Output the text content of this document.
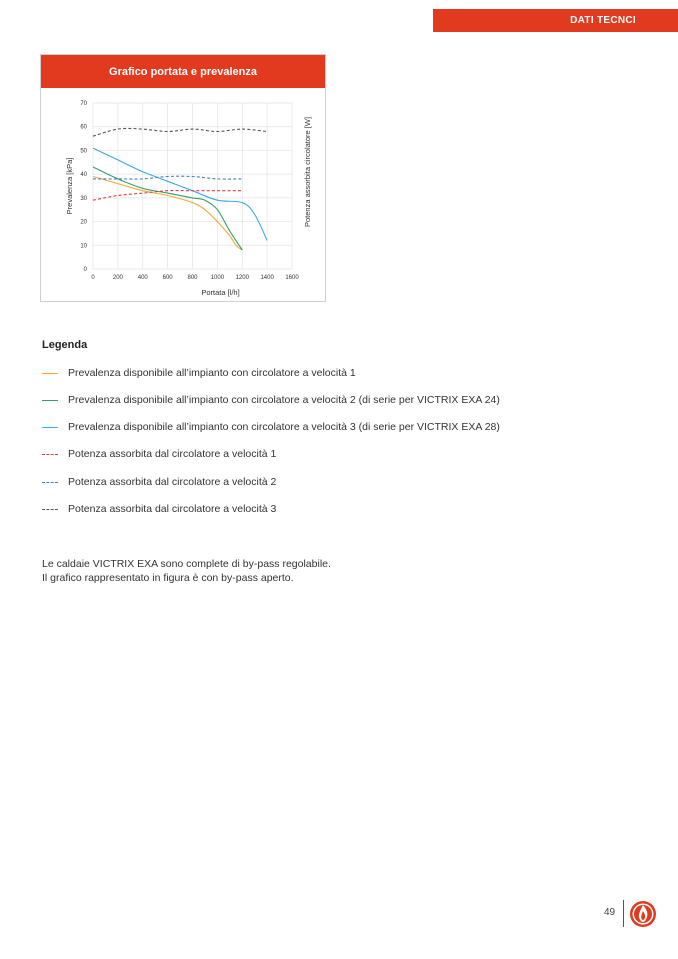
DATI TECNCI
Grafico portata e prevalenza
0	200 400 600 800 1000 1200 1400 1600
0
10
20
30
40
50
60
70
Portata [l/h]
Prevalenza [kPa]	Potenza assorbita circolatore [W]
Legenda
Prevalenza disponibile all’impianto con circolatore a velocità 1
Prevalenza disponibile all’impianto con circolatore a velocità 2 (di serie per VICTRIX EXA 24)
Prevalenza disponibile all’impianto con circolatore a velocità 3 (di serie per VICTRIX EXA 28)
Potenza assorbita dal circolatore a velocità 1
Potenza assorbita dal circolatore a velocità 2
Potenza assorbita dal circolatore a velocità 3
Le caldaie VICTRIX EXA sono complete di by-pass regolabile.
Il grafico rappresentato in figura è con by-pass aperto.
49
